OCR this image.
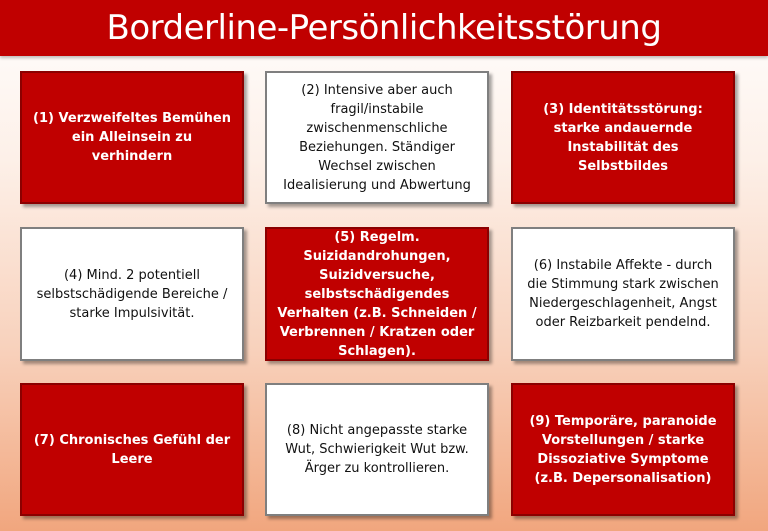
Borderline-Persönlichkeitsstörung
(1) Verzweifeltes Bemühen ein Alleinsein zu verhindern
(2) Intensive aber auch fragil/instabile zwischenmenschliche Beziehungen. Ständiger Wechsel zwischen Idealisierung und Abwertung
(3) Identitätsstörung: starke andauernde Instabilität des Selbstbildes
(4) Mind. 2 potentiell selbstschädigende Bereiche / starke Impulsivität.
(5) Regelm. Suizidandrohungen, Suizidversuche, selbstschädigendes Verhalten (z.B. Schneiden / Verbrennen / Kratzen oder Schlagen).
(6) Instabile Affekte - durch die Stimmung stark zwischen Niedergeschlagenheit, Angst oder Reizbarkeit pendelnd.
(7) Chronisches Gefühl der Leere
(8) Nicht angepasste starke Wut, Schwierigkeit Wut bzw. Ärger zu kontrollieren.
(9) Temporäre, paranoide Vorstellungen / starke Dissoziative Symptome (z.B. Depersonalisation)
